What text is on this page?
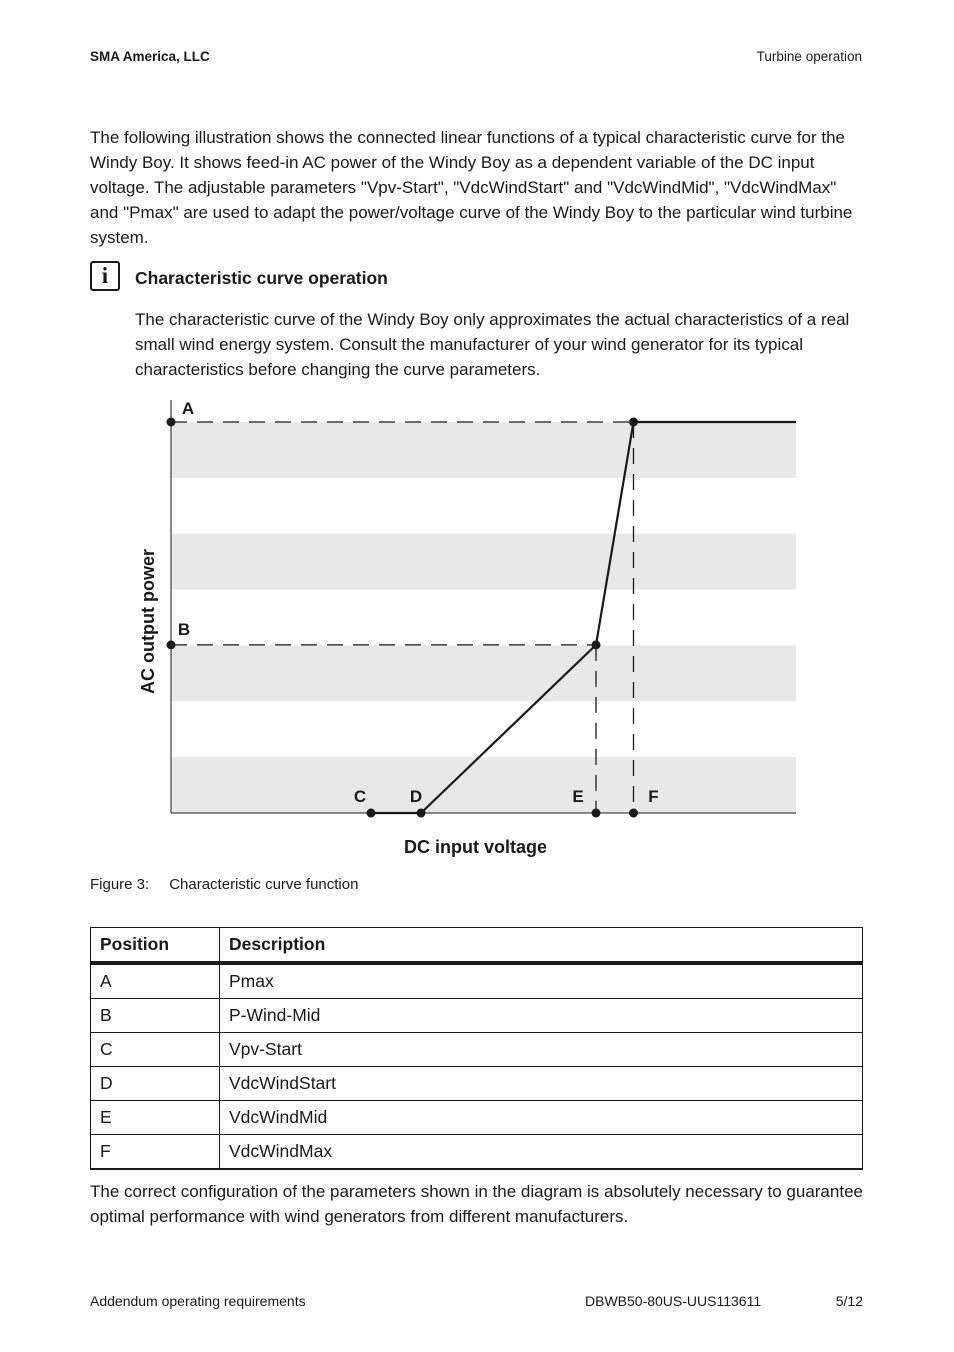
SMA America, LLC	Turbine operation
The following illustration shows the connected linear functions of a typical characteristic curve for the Windy Boy. It shows feed-in AC power of the Windy Boy as a dependent variable of the DC input voltage. The adjustable parameters "Vpv-Start", "VdcWindStart" and "VdcWindMid", "VdcWindMax" and "Pmax" are used to adapt the power/voltage curve of the Windy Boy to the particular wind turbine system.
i	Characteristic curve operation
The characteristic curve of the Windy Boy only approximates the actual characteristics of a real small wind energy system. Consult the manufacturer of your wind generator for its typical characteristics before changing the curve parameters.
A
B
C	D	E	F
DC input voltage
AC output power
Figure 3: Characteristic curve function
Position	Description
A	Pmax
B	P-Wind-Mid
C	Vpv-Start
D	VdcWindStart
E	VdcWindMid
F	VdcWindMax
The correct configuration of the parameters shown in the diagram is absolutely necessary to guarantee optimal performance with wind generators from different manufacturers.
Addendum operating requirements	DBWB50-80US-UUS113611	5/12
